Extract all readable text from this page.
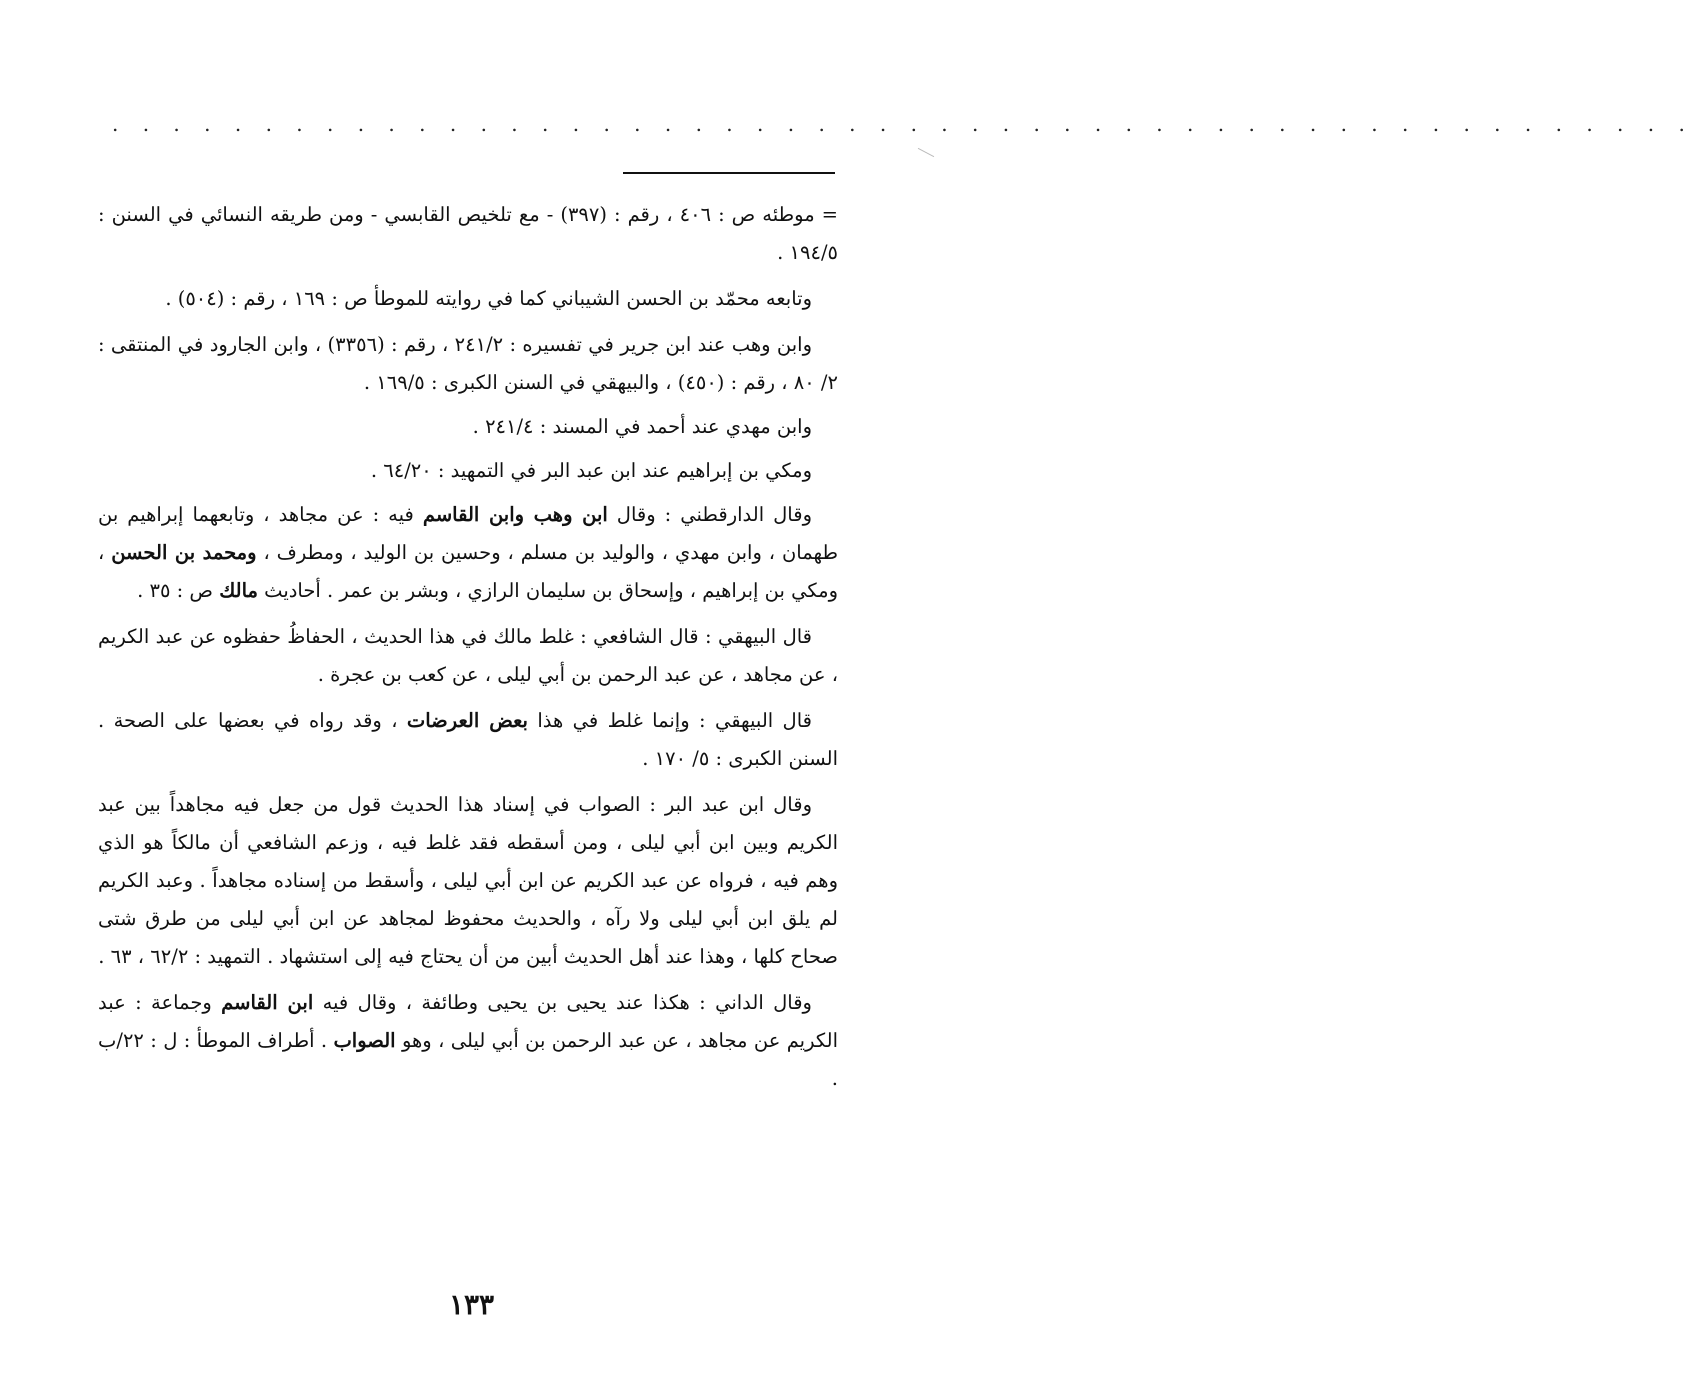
. . . . . . . . . . . . . . . . . . . . . . . . . . . . . . . . . . . . . . . . . . . . . . . . . . . .

= موطئه ص : ٤٠٦ ، رقم : (٣٩٧) - مع تلخيص القابسي - ومن طريقه النسائي في السنن : ١٩٤/٥ .

وتابعه محمّد بن الحسن الشيباني كما في روايته للموطأ ص : ١٦٩ ، رقم : (٥٠٤) .

وابن وهب عند ابن جرير في تفسيره : ٢٤١/٢ ، رقم : (٣٣٥٦) ، وابن الجارود في المنتقى : ٢/ ٨٠ ، رقم : (٤٥٠) ، والبيهقي في السنن الكبرى : ١٦٩/٥ .

وابن مهدي عند أحمد في المسند : ٢٤١/٤ .

ومكي بن إبراهيم عند ابن عبد البر في التمهيد : ٦٤/٢٠ .

وقال الدارقطني : وقال ابن وهب وابن القاسم فيه : عن مجاهد ، وتابعهما إبراهيم بن طهمان ، وابن مهدي ، والوليد بن مسلم ، وحسين بن الوليد ، ومطرف ، ومحمد بن الحسن ، ومكي بن إبراهيم ، وإسحاق بن سليمان الرازي ، وبشر بن عمر . أحاديث مالك ص : ٣٥ .

قال البيهقي : قال الشافعي : غلط مالك في هذا الحديث ، الحفاظُ حفظوه عن عبد الكريم ، عن مجاهد ، عن عبد الرحمن بن أبي ليلى ، عن كعب بن عجرة .

قال البيهقي : وإنما غلط في هذا بعض العرضات ، وقد رواه في بعضها على الصحة . السنن الكبرى : ٥/ ١٧٠ .

وقال ابن عبد البر : الصواب في إسناد هذا الحديث قول من جعل فيه مجاهداً بين عبد الكريم وبين ابن أبي ليلى ، ومن أسقطه فقد غلط فيه ، وزعم الشافعي أن مالكاً هو الذي وهم فيه ، فرواه عن عبد الكريم عن ابن أبي ليلى ، وأسقط من إسناده مجاهداً . وعبد الكريم لم يلق ابن أبي ليلى ولا رآه ، والحديث محفوظ لمجاهد عن ابن أبي ليلى من طرق شتى صحاح كلها ، وهذا عند أهل الحديث أبين من أن يحتاج فيه إلى استشهاد . التمهيد : ٦٢/٢ ، ٦٣ .

وقال الداني : هكذا عند يحيى بن يحيى وطائفة ، وقال فيه ابن القاسم وجماعة : عبد الكريم عن مجاهد ، عن عبد الرحمن بن أبي ليلى ، وهو الصواب . أطراف الموطأ : ل : ٢٢/ب .

١٣٣
